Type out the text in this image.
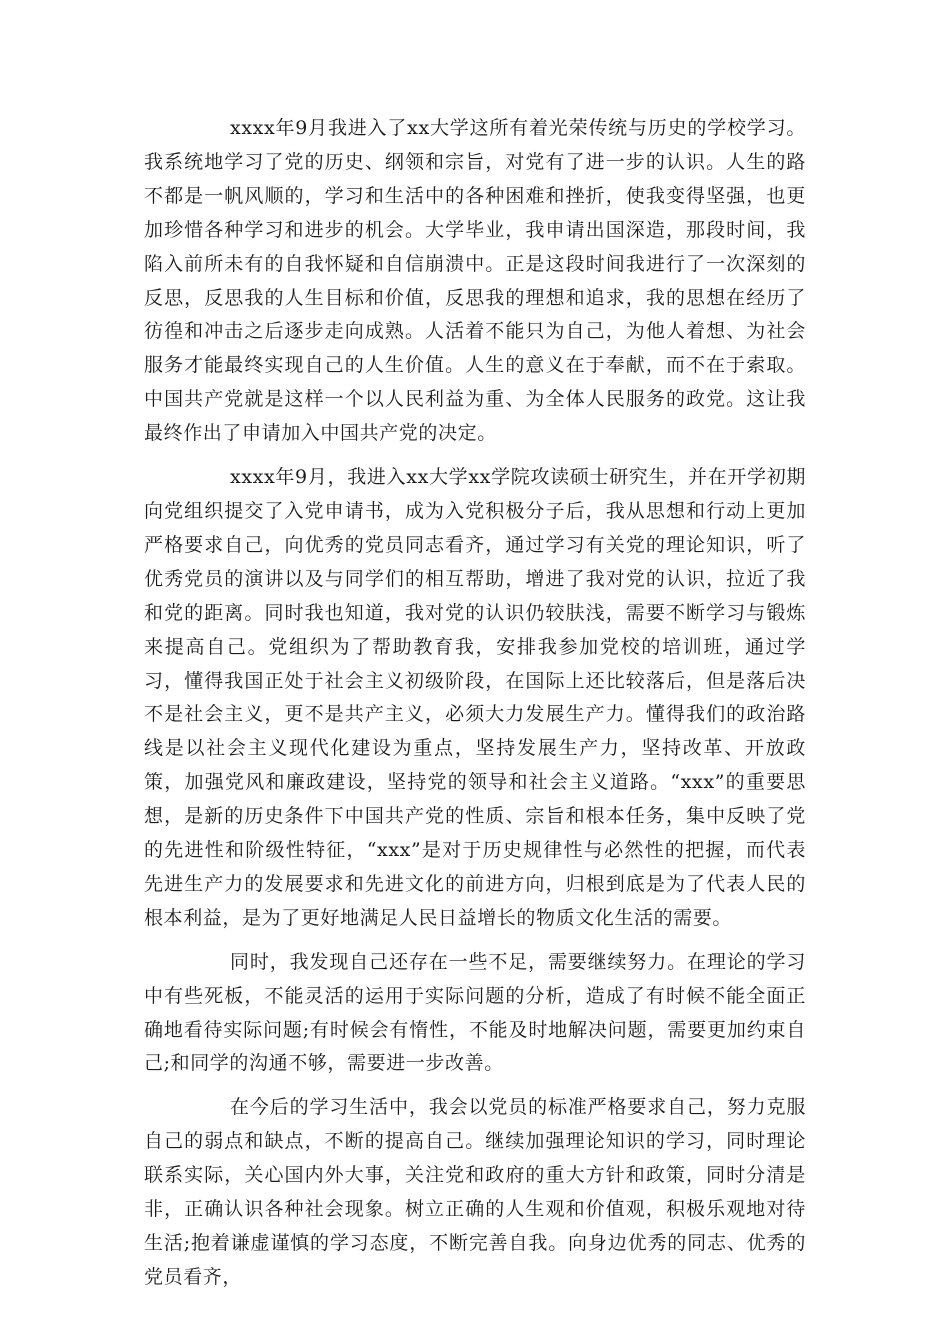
xxxx年9月我进入了xx大学这所有着光荣传统与历史的学校学习。我系统地学习了党的历史、纲领和宗旨，对党有了进一步的认识。人生的路不都是一帆风顺的，学习和生活中的各种困难和挫折，使我变得坚强，也更加珍惜各种学习和进步的机会。大学毕业，我申请出国深造，那段时间，我陷入前所未有的自我怀疑和自信崩溃中。正是这段时间我进行了一次深刻的反思，反思我的人生目标和价值，反思我的理想和追求，我的思想在经历了彷徨和冲击之后逐步走向成熟。人活着不能只为自己，为他人着想、为社会服务才能最终实现自己的人生价值。人生的意义在于奉献，而不在于索取。中国共产党就是这样一个以人民利益为重、为全体人民服务的政党。这让我最终作出了申请加入中国共产党的决定。

xxxx年9月，我进入xx大学xx学院攻读硕士研究生，并在开学初期向党组织提交了入党申请书，成为入党积极分子后，我从思想和行动上更加严格要求自己，向优秀的党员同志看齐，通过学习有关党的理论知识，听了优秀党员的演讲以及与同学们的相互帮助，增进了我对党的认识，拉近了我和党的距离。同时我也知道，我对党的认识仍较肤浅，需要不断学习与锻炼来提高自己。党组织为了帮助教育我，安排我参加党校的培训班，通过学习，懂得我国正处于社会主义初级阶段，在国际上还比较落后，但是落后决不是社会主义，更不是共产主义，必须大力发展生产力。懂得我们的政治路线是以社会主义现代化建设为重点，坚持发展生产力，坚持改革、开放政策，加强党风和廉政建设，坚持党的领导和社会主义道路。“xxx”的重要思想，是新的历史条件下中国共产党的性质、宗旨和根本任务，集中反映了党的先进性和阶级性特征，“xxx”是对于历史规律性与必然性的把握，而代表先进生产力的发展要求和先进文化的前进方向，归根到底是为了代表人民的根本利益，是为了更好地满足人民日益增长的物质文化生活的需要。

同时，我发现自己还存在一些不足，需要继续努力。在理论的学习中有些死板，不能灵活的运用于实际问题的分析，造成了有时候不能全面正确地看待实际问题;有时候会有惰性，不能及时地解决问题，需要更加约束自己;和同学的沟通不够，需要进一步改善。

在今后的学习生活中，我会以党员的标准严格要求自己，努力克服自己的弱点和缺点，不断的提高自己。继续加强理论知识的学习，同时理论联系实际，关心国内外大事，关注党和政府的重大方针和政策，同时分清是非，正确认识各种社会现象。树立正确的人生观和价值观，积极乐观地对待生活;抱着谦虚谨慎的学习态度，不断完善自我。向身边优秀的同志、优秀的党员看齐，
